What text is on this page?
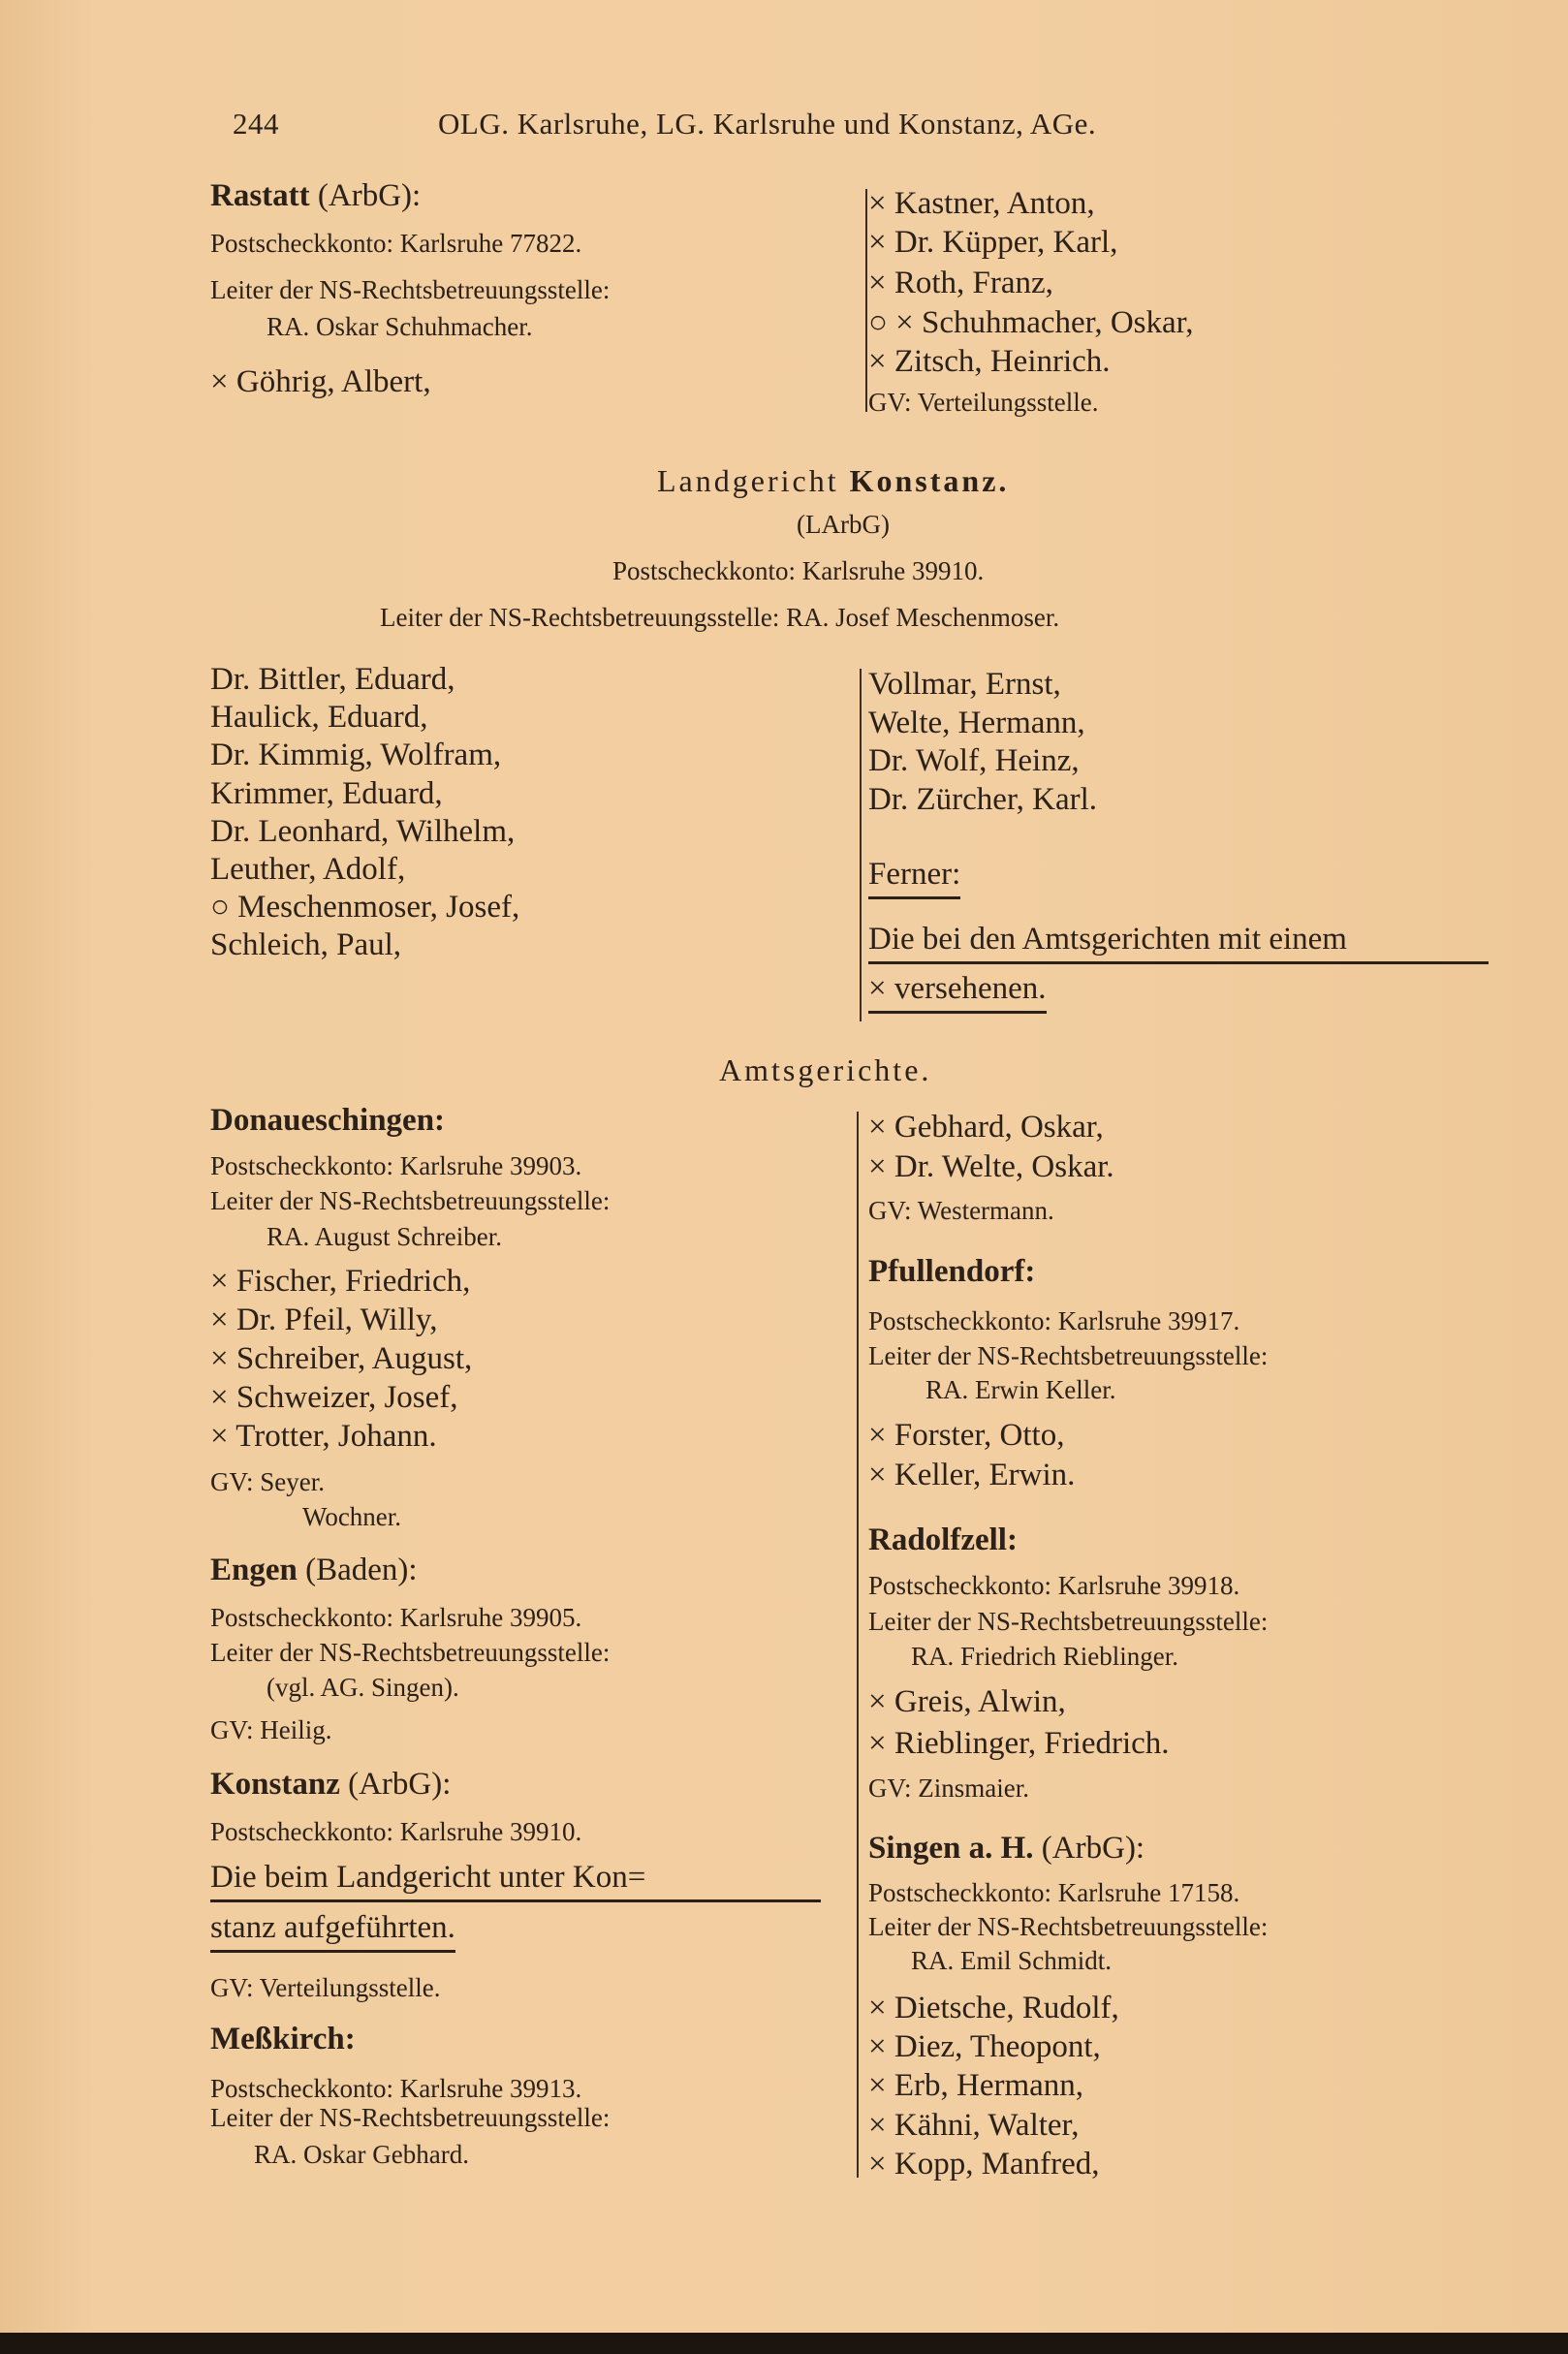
244	OLG. Karlsruhe, LG. Karlsruhe und Konstanz, AGe.
Rastatt (ArbG):
Postscheckkonto: Karlsruhe 77822.
Leiter der NS-Rechtsbetreuungsstelle:
RA. Oskar Schuhmacher.
× Göhrig, Albert,
× Kastner, Anton,
× Dr. Küpper, Karl,
× Roth, Franz,
○ × Schuhmacher, Oskar,
× Zitsch, Heinrich.
GV: Verteilungsstelle.
Landgericht Konstanz.
(LArbG)
Postscheckkonto: Karlsruhe 39910.
Leiter der NS-Rechtsbetreuungsstelle: RA. Josef Meschenmoser.
Amtsgerichte.
Donaueschingen:
Postscheckkonto: Karlsruhe 39903.
Leiter der NS-Rechtsbetreuungsstelle:
RA. August Schreiber.
GV: Seyer.
Wochner.
× Gebhard, Oskar,
× Dr. Welte, Oskar.
GV: Westermann.
Engen (Baden):
Postscheckkonto: Karlsruhe 39905.
Leiter der NS-Rechtsbetreuungsstelle:
(vgl. AG. Singen).
GV: Heilig.
Konstanz (ArbG):
Postscheckkonto: Karlsruhe 39910.
GV: Verteilungsstelle.
Meßkirch:
Postscheckkonto: Karlsruhe 39913.
Leiter der NS-Rechtsbetreuungsstelle:
RA. Oskar Gebhard.
Pfullendorf:
Postscheckkonto: Karlsruhe 39917.
Leiter der NS-Rechtsbetreuungsstelle:
RA. Erwin Keller.
× Forster, Otto,
× Keller, Erwin.
Radolfzell:
Postscheckkonto: Karlsruhe 39918.
Leiter der NS-Rechtsbetreuungsstelle:
RA. Friedrich Rieblinger.
× Greis, Alwin,
× Rieblinger, Friedrich.
GV: Zinsmaier.
Singen a. H. (ArbG):
Postscheckkonto: Karlsruhe 17158.
Leiter der NS-Rechtsbetreuungsstelle:
RA. Emil Schmidt.
Dr. Bittler, Eduard,
Haulick, Eduard,
Dr. Kimmig, Wolfram,
Krimmer, Eduard,
Dr. Leonhard, Wilhelm,
Leuther, Adolf,
○ Meschenmoser, Josef,
Schleich, Paul,
Vollmar, Ernst,
Welte, Hermann,
Dr. Wolf, Heinz,
Dr. Zürcher, Karl.
× Fischer, Friedrich,
× Dr. Pfeil, Willy,
× Schreiber, August,
× Schweizer, Josef,
× Trotter, Johann.
× Dietsche, Rudolf,
× Diez, Theopont,
× Erb, Hermann,
× Kähni, Walter,
× Kopp, Manfred,
Ferner:
Die bei den Amtsgerichten mit einem
× versehenen.
Die beim Landgericht unter Kon=
stanz aufgeführten.
